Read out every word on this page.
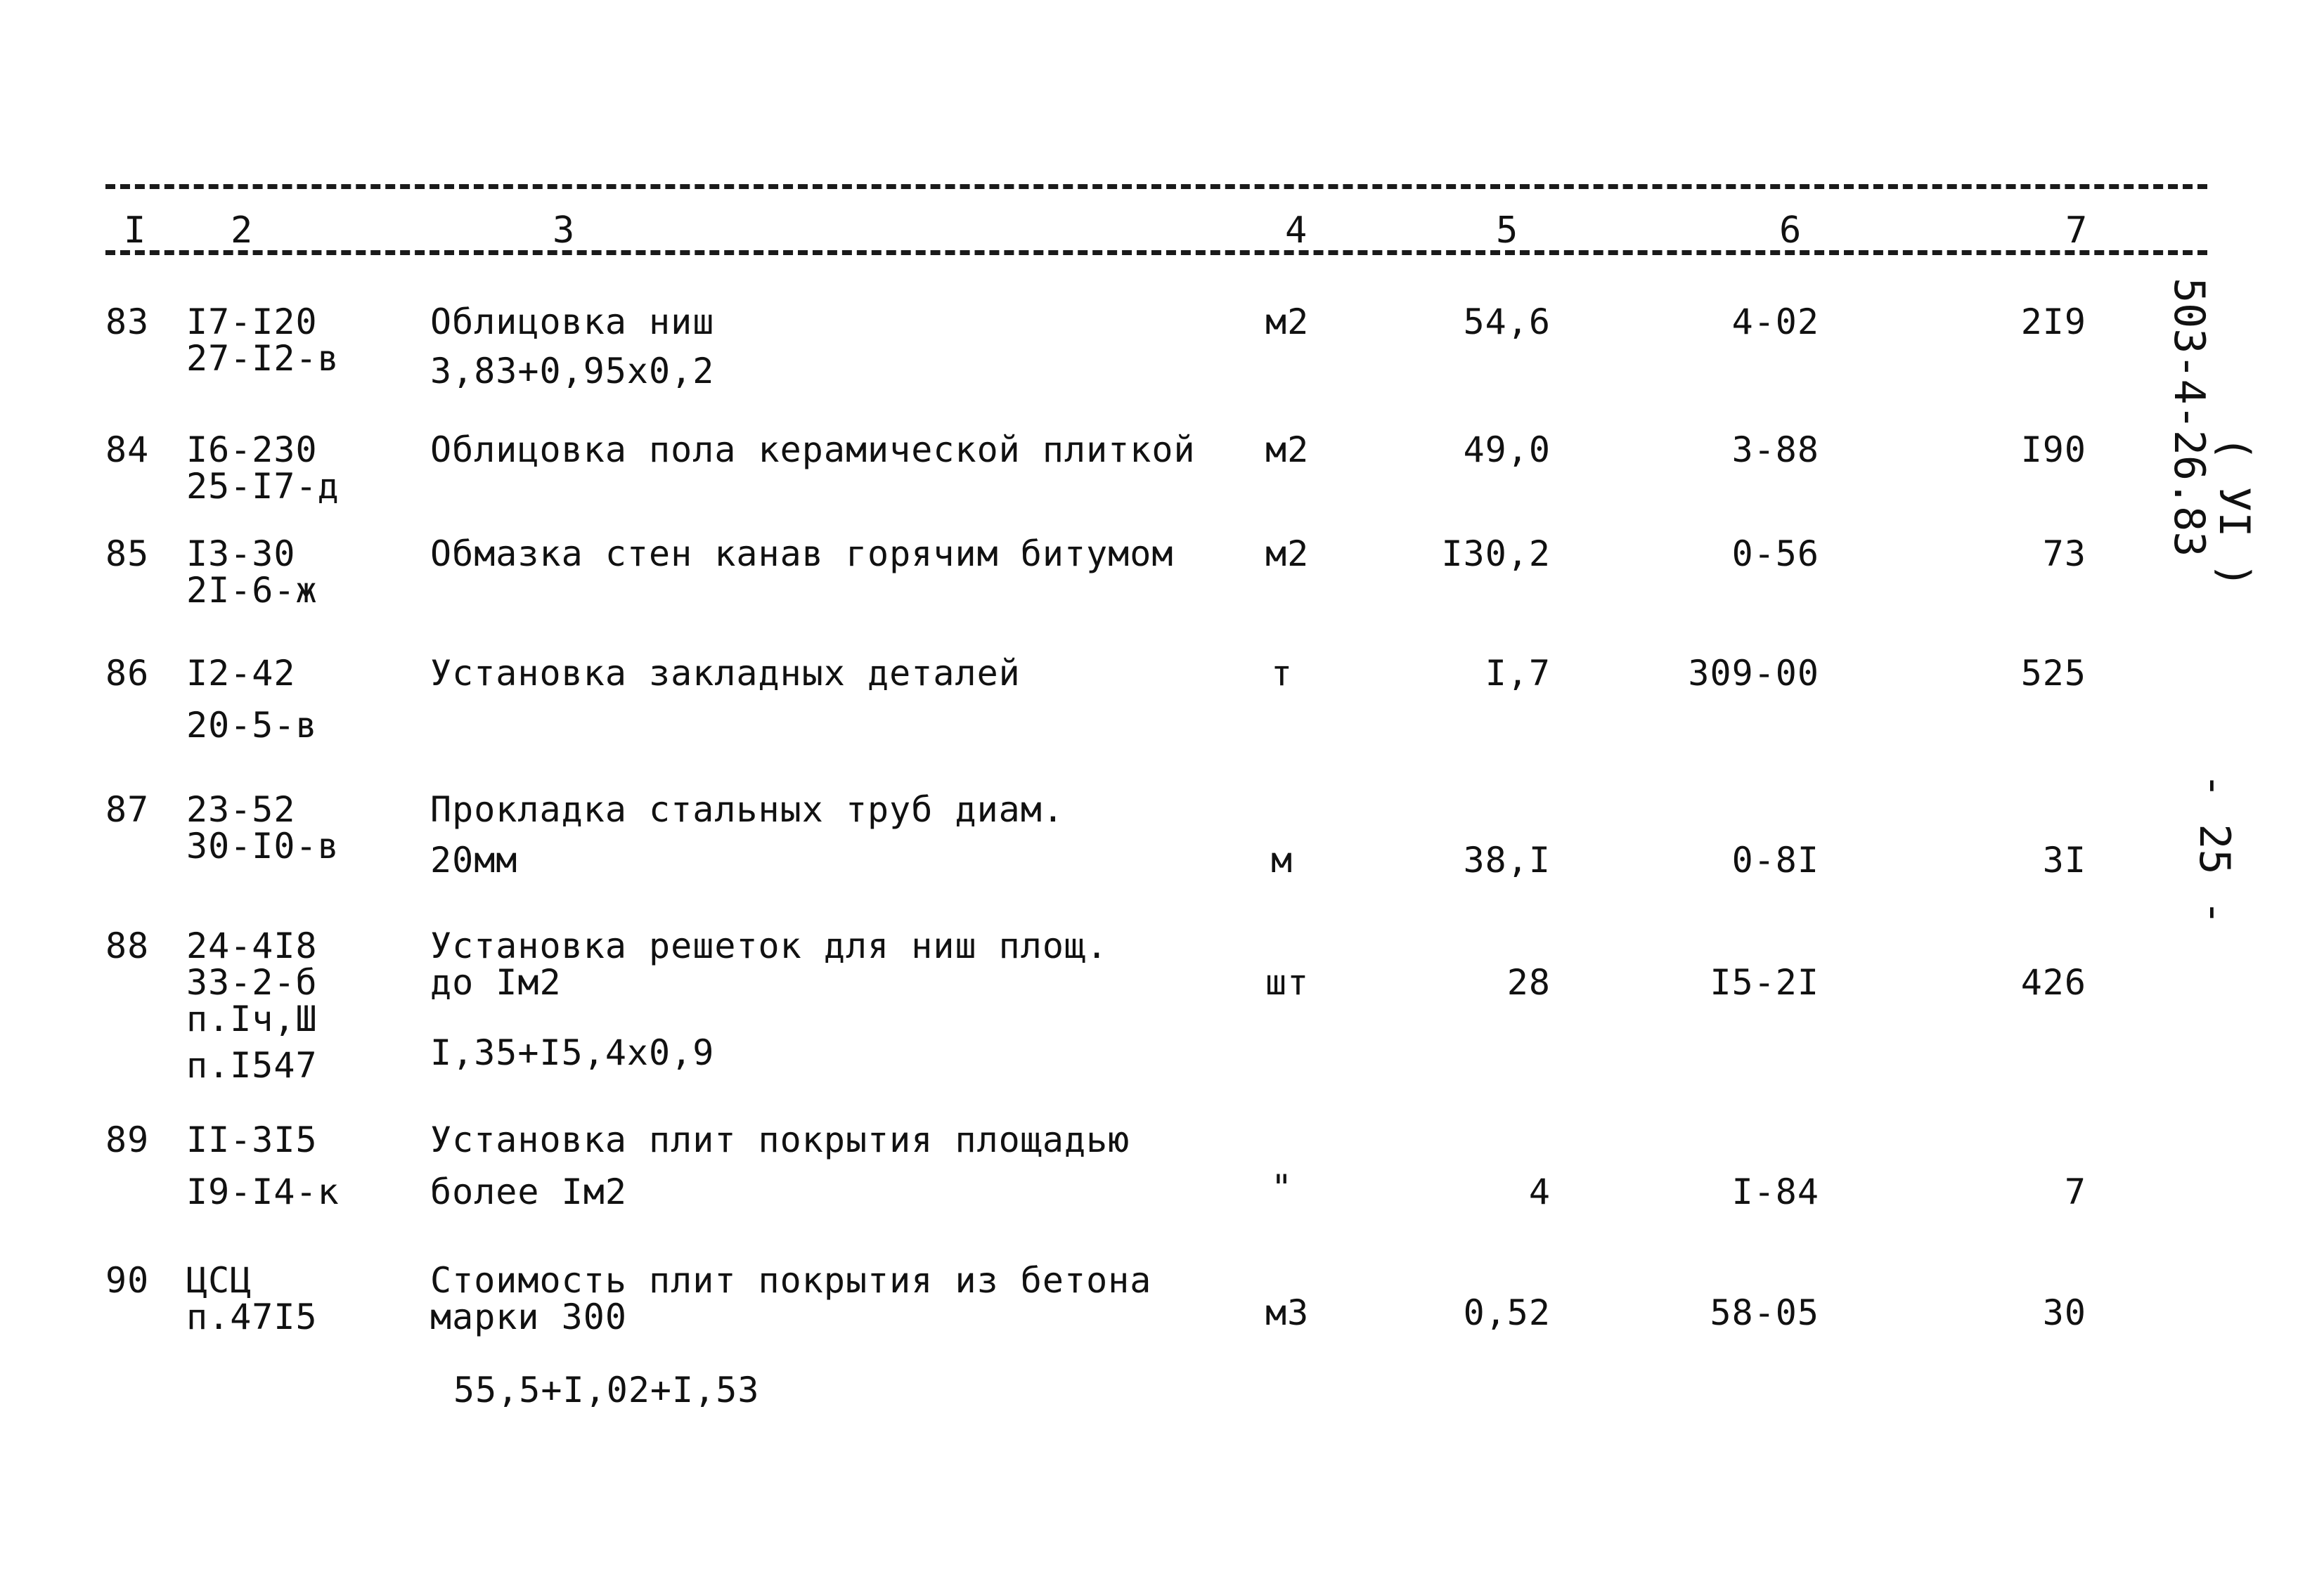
I 2	3	4	5	6	7
83 I7-I20
27-I2-в
Облицовка ниш
3,83+0,95х0,2
м2	54,6	4-02	2I9
84 I6-230
25-I7-д
Облицовка пола керамической плиткой м2	49,0	3-88	I90
85 I3-30
2I-6-ж
Обмазка стен канав горячим битумом	м2	I30,2	0-56	73
86 I2-42
20-5-в
Установка закладных деталей	т	I,7	309-00	525
87 23-52
30-I0-в
Прокладка стальных труб диам.
20мм	м	38,I	0-8I	3I
88 24-4I8
33-2-б
п.Iч,Ш
п.I547
Установка решеток для ниш площ.
до Iм2
I,35+I5,4х0,9
шт	28	I5-2I	426
89 II-3I5
I9-I4-к
Установка плит покрытия площадью
более Iм2	"	4	I-84	7
90 ЦСЦ
п.47I5
Стоимость плит покрытия из бетона
марки 300
55,5+I,02+I,53
м3	0,52	58-05	30
503-4-26.83
( УI )
- 25 -
